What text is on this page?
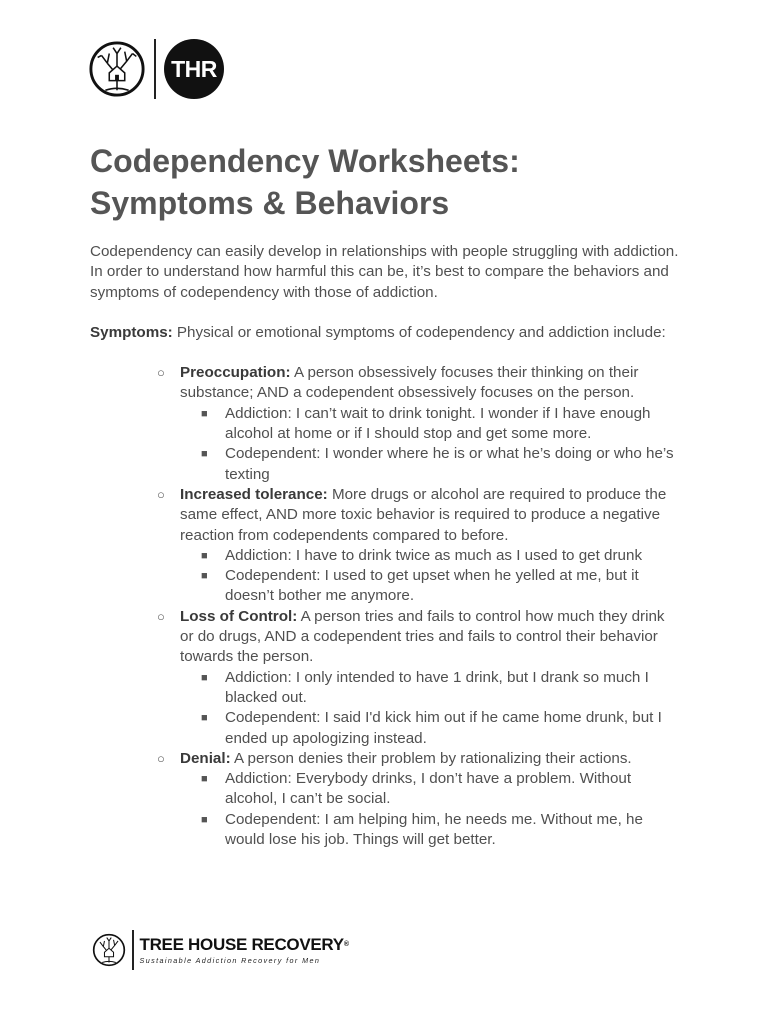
THR
Codependency Worksheets:
Symptoms & Behaviors

Codependency can easily develop in relationships with people struggling with addiction. In order to understand how harmful this can be, it’s best to compare the behaviors and symptoms of codependency with those of addiction.

Symptoms: Physical or emotional symptoms of codependency and addiction include:

○ Preoccupation: A person obsessively focuses their thinking on their substance; AND a codependent obsessively focuses on the person.
■ Addiction: I can’t wait to drink tonight. I wonder if I have enough alcohol at home or if I should stop and get some more.
■ Codependent: I wonder where he is or what he’s doing or who he’s texting
○ Increased tolerance: More drugs or alcohol are required to produce the same effect, AND more toxic behavior is required to produce a negative reaction from codependents compared to before.
■ Addiction: I have to drink twice as much as I used to get drunk
■ Codependent: I used to get upset when he yelled at me, but it doesn’t bother me anymore.
○ Loss of Control: A person tries and fails to control how much they drink or do drugs, AND a codependent tries and fails to control their behavior towards the person.
■ Addiction: I only intended to have 1 drink, but I drank so much I blacked out.
■ Codependent: I said I'd kick him out if he came home drunk, but I ended up apologizing instead.
○ Denial: A person denies their problem by rationalizing their actions.
■ Addiction: Everybody drinks, I don’t have a problem. Without alcohol, I can’t be social.
■ Codependent: I am helping him, he needs me. Without me, he would lose his job. Things will get better.
TREE HOUSE RECOVERY®
Sustainable Addiction Recovery for Men
